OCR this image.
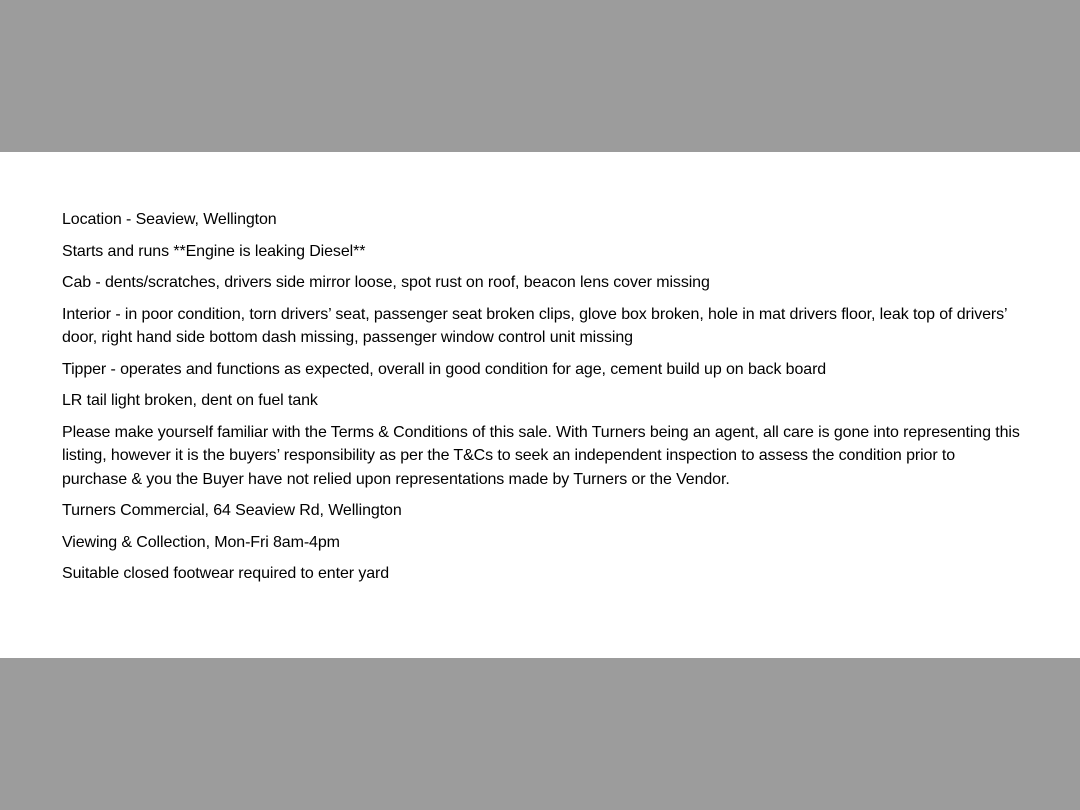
Location - Seaview, Wellington
Starts and runs **Engine is leaking Diesel**
Cab - dents/scratches, drivers side mirror loose, spot rust on roof, beacon lens cover missing
Interior - in poor condition, torn drivers’ seat, passenger seat broken clips, glove box broken, hole in mat drivers floor, leak top of drivers’ door, right hand side bottom dash missing, passenger window control unit missing
Tipper - operates and functions as expected, overall in good condition for age, cement build up on back board
LR tail light broken, dent on fuel tank
Please make yourself familiar with the Terms & Conditions of this sale. With Turners being an agent, all care is gone into representing this listing, however it is the buyers’ responsibility as per the T&Cs to seek an independent inspection to assess the condition prior to purchase & you the Buyer have not relied upon representations made by Turners or the Vendor.
Turners Commercial, 64 Seaview Rd, Wellington
Viewing & Collection, Mon-Fri 8am-4pm
Suitable closed footwear required to enter yard
